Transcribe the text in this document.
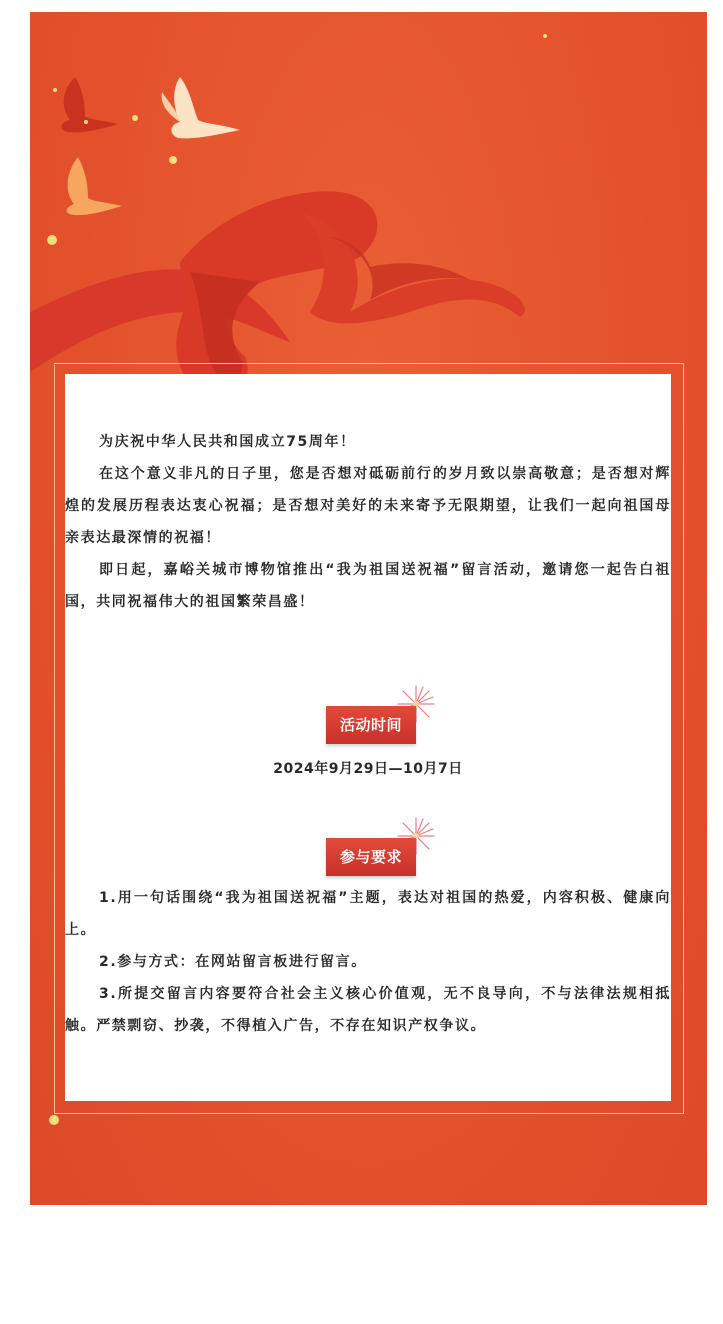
为庆祝中华人民共和国成立75周年！

在这个意义非凡的日子里，您是否想对砥砺前行的岁月致以崇高敬意；是否想对辉煌的发展历程表达衷心祝福；是否想对美好的未来寄予无限期望，让我们一起向祖国母亲表达最深情的祝福！

即日起，嘉峪关城市博物馆推出“我为祖国送祝福”留言活动，邀请您一起告白祖国，共同祝福伟大的祖国繁荣昌盛！

活动时间
2024年9月29日—10月7日
参与要求

1.用一句话围绕“我为祖国送祝福”主题，表达对祖国的热爱，内容积极、健康向上。

2.参与方式：在网站留言板进行留言。

3.所提交留言内容要符合社会主义核心价值观，无不良导向，不与法律法规相抵触。严禁剽窃、抄袭，不得植入广告，不存在知识产权争议。
